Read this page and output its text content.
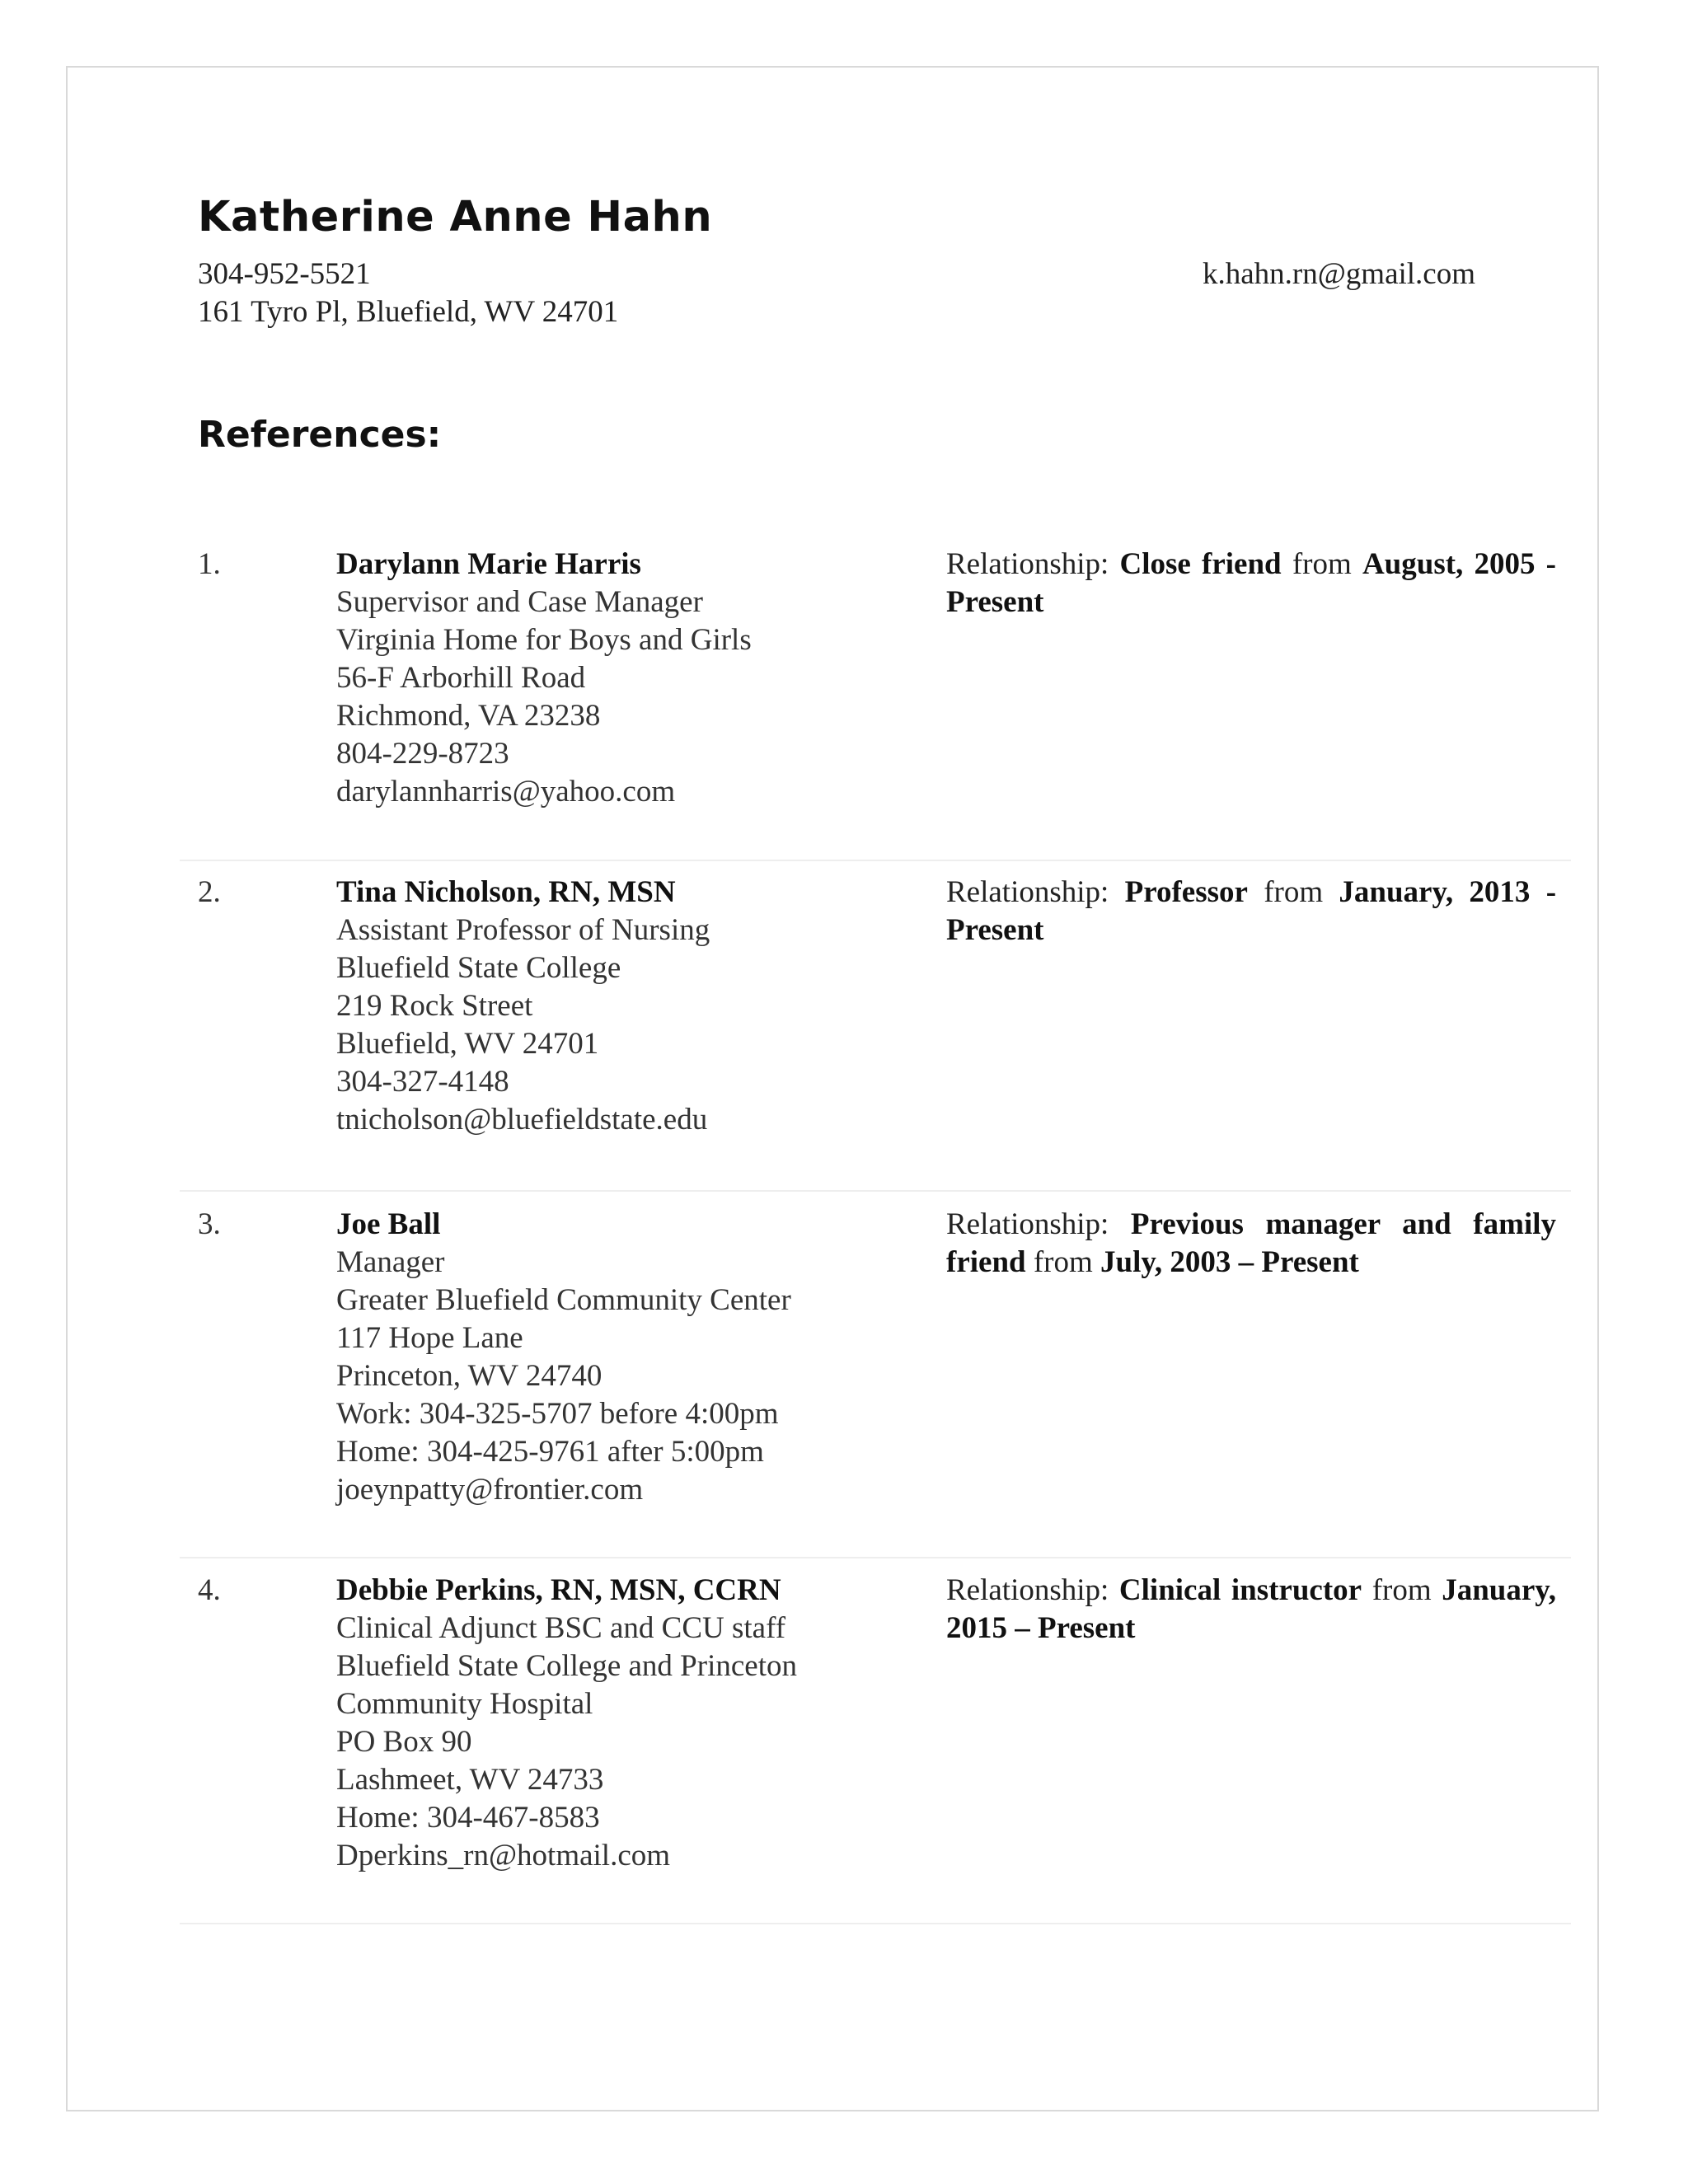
Katherine Anne Hahn
304-952-5521
161 Tyro Pl, Bluefield, WV 24701
k.hahn.rn@gmail.com
References:
1.	Darylann Marie Harris
Supervisor and Case Manager
Virginia Home for Boys and Girls
56-F Arborhill Road
Richmond, VA 23238
804-229-8723
darylannharris@yahoo.com
Relationship: Close friend from August, 2005 - Present
2.	Tina Nicholson, RN, MSN
Assistant Professor of Nursing
Bluefield State College
219 Rock Street
Bluefield, WV 24701
304-327-4148
tnicholson@bluefieldstate.edu
Relationship: Professor from January, 2013 - Present
3.	Joe Ball
Manager
Greater Bluefield Community Center
117 Hope Lane
Princeton, WV 24740
Work: 304-325-5707 before 4:00pm
Home: 304-425-9761 after 5:00pm
joeynpatty@frontier.com
Relationship: Previous manager and family friend from July, 2003 – Present
4.	Debbie Perkins, RN, MSN, CCRN
Clinical Adjunct BSC and CCU staff
Bluefield State College and Princeton
Community Hospital
PO Box 90
Lashmeet, WV 24733
Home: 304-467-8583
Dperkins_rn@hotmail.com
Relationship: Clinical instructor from January, 2015 – Present
